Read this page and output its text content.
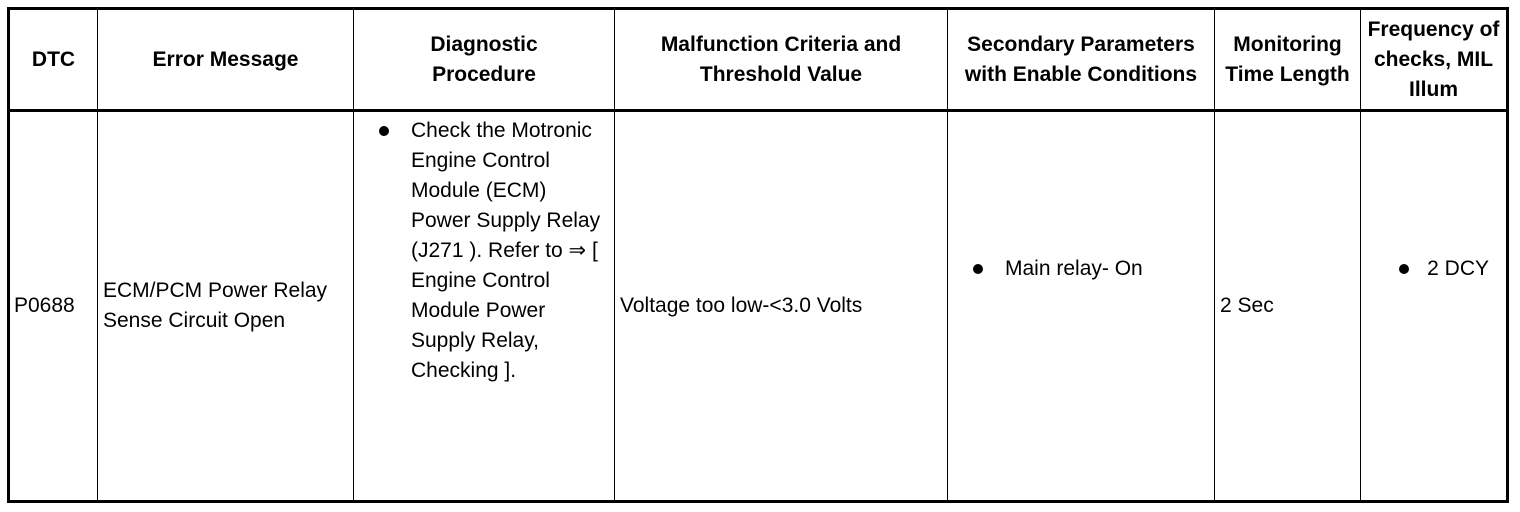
DTC	Error Message	Diagnostic Procedure	Malfunction Criteria and Threshold Value	Secondary Parameters with Enable Conditions	Monitoring Time Length	Frequency of checks, MIL Illum
P0688	ECM/PCM Power Relay Sense Circuit Open	Check the Motronic Engine Control Module (ECM) Power Supply Relay (J271 ). Refer to ⇒ [ Engine Control Module Power Supply Relay, Checking ].	Voltage too low-<3.0 Volts	Main relay- On	2 Sec	2 DCY
